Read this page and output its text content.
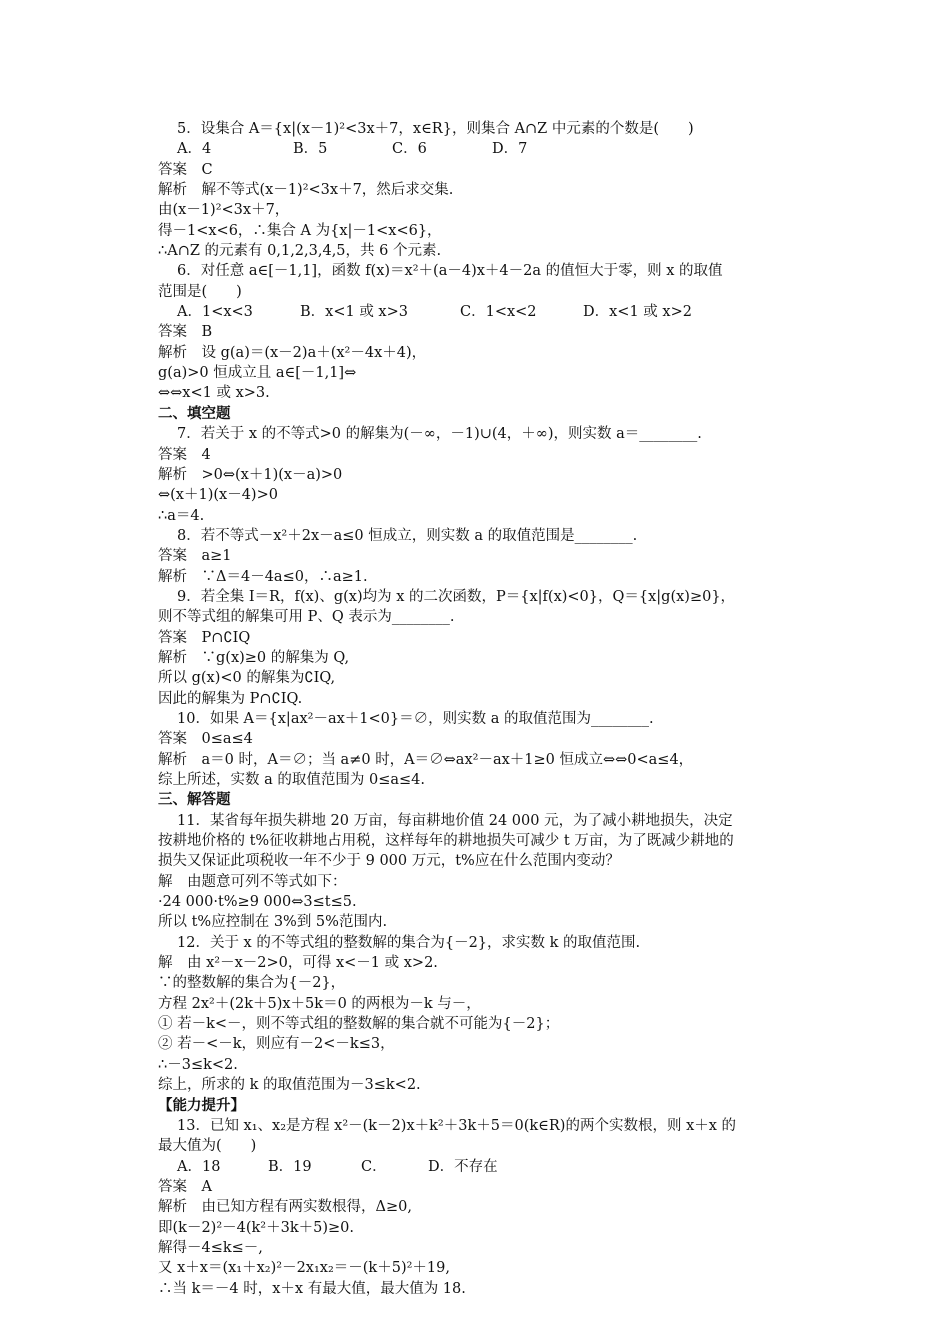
5．设集合 A＝{x|(x－1)²<3x＋7，x∈R}，则集合 A∩Z 中元素的个数是(　　)
A．4	B．5	C．6	D．7
答案　C
解析　解不等式(x－1)²<3x＋7，然后求交集.
由(x－1)²<3x＋7，
得－1<x<6，∴集合 A 为{x|－1<x<6}，
∴A∩Z 的元素有 0,1,2,3,4,5，共 6 个元素.
6．对任意 a∈[－1,1]，函数 f(x)＝x²＋(a－4)x＋4－2a 的值恒大于零，则 x 的取值
范围是(　　)
A．1<x<3	B．x<1 或 x>3	C．1<x<2	D．x<1 或 x>2
答案　B
解析　设 g(a)＝(x－2)a＋(x²－4x＋4)，
g(a)>0 恒成立且 a∈[－1,1]⇔
⇔⇔x<1 或 x>3.
二、填空题
7．若关于 x 的不等式>0 的解集为(－∞，－1)∪(4，＋∞)，则实数 a＝________.
答案　4
解析　>0⇔(x＋1)(x－a)>0
⇔(x＋1)(x－4)>0
∴a＝4.
8．若不等式－x²＋2x－a≤0 恒成立，则实数 a 的取值范围是________.
答案　a≥1
解析　∵Δ＝4－4a≤0，∴a≥1.
9．若全集 I＝R，f(x)、g(x)均为 x 的二次函数，P＝{x|f(x)<0}，Q＝{x|g(x)≥0}，
则不等式组的解集可用 P、Q 表示为________.
答案　P∩∁IQ
解析　∵g(x)≥0 的解集为 Q,
所以 g(x)<0 的解集为∁IQ,
因此的解集为 P∩∁IQ.
10．如果 A＝{x|ax²－ax＋1<0}＝∅，则实数 a 的取值范围为________.
答案　0≤a≤4
解析　a＝0 时，A＝∅；当 a≠0 时，A＝∅⇔ax²－ax＋1≥0 恒成立⇔⇔0<a≤4，
综上所述，实数 a 的取值范围为 0≤a≤4.
三、解答题
11．某省每年损失耕地 20 万亩，每亩耕地价值 24 000 元，为了减小耕地损失，决定
按耕地价格的 t%征收耕地占用税，这样每年的耕地损失可减少 t 万亩，为了既减少耕地的
损失又保证此项税收一年不少于 9 000 万元，t%应在什么范围内变动？
解　由题意可列不等式如下：
·24 000·t%≥9 000⇔3≤t≤5.
所以 t%应控制在 3%到 5%范围内.
12．关于 x 的不等式组的整数解的集合为{－2}，求实数 k 的取值范围.
解　由 x²－x－2>0，可得 x<－1 或 x>2.
∵的整数解的集合为{－2}，
方程 2x²＋(2k＋5)x＋5k＝0 的两根为－k 与－，
① 若－k<－，则不等式组的整数解的集合就不可能为{－2}；
② 若－<－k，则应有－2<－k≤3，
∴－3≤k<2.
综上，所求的 k 的取值范围为－3≤k<2.
【能力提升】
13．已知 x₁、x₂是方程 x²－(k－2)x＋k²＋3k＋5＝0(k∈R)的两个实数根，则 x＋x 的
最大值为(　　)
A．18	B．19	C．	D．不存在
答案　A
解析　由已知方程有两实数根得，Δ≥0,
即(k－2)²－4(k²＋3k＋5)≥0.
解得－4≤k≤－,
又 x＋x＝(x₁＋x₂)²－2x₁x₂＝－(k＋5)²＋19,
∴当 k＝－4 时，x＋x 有最大值，最大值为 18.
